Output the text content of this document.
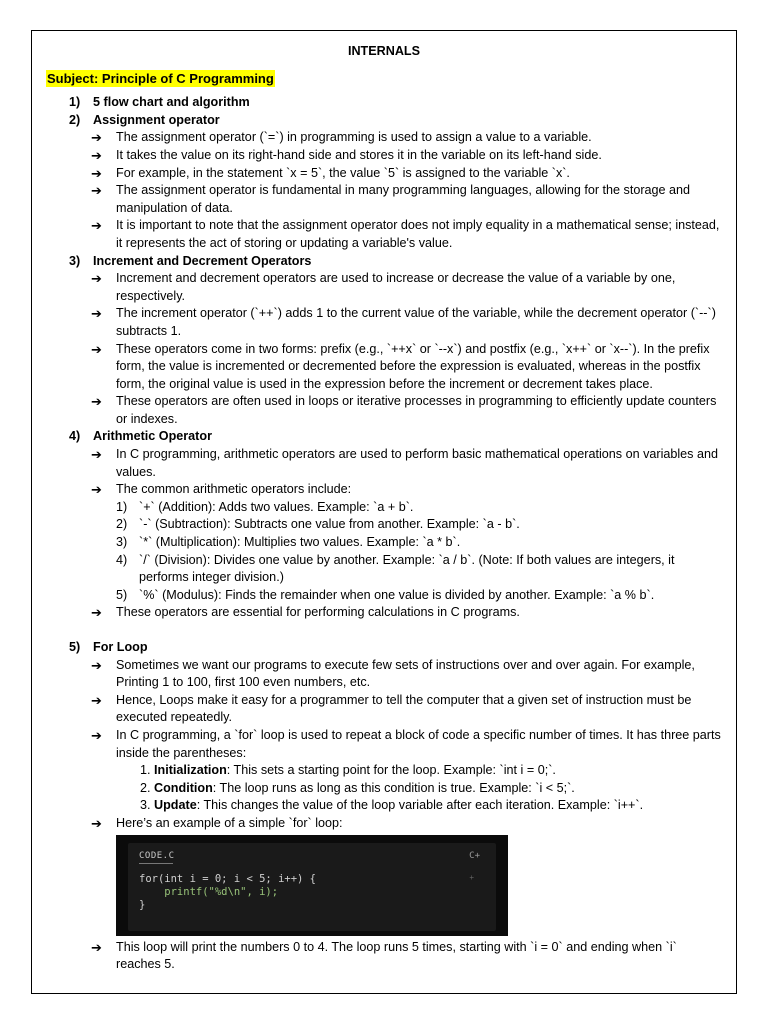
INTERNALS
Subject: Principle of C Programming
1) 5 flow chart and algorithm
2) Assignment operator
➔ The assignment operator (`=`) in programming is used to assign a value to a variable.
➔ It takes the value on its right-hand side and stores it in the variable on its left-hand side.
➔ For example, in the statement `x = 5`, the value `5` is assigned to the variable `x`.
➔ The assignment operator is fundamental in many programming languages, allowing for the storage and manipulation of data.
➔ It is important to note that the assignment operator does not imply equality in a mathematical sense; instead, it represents the act of storing or updating a variable's value.
3) Increment and Decrement Operators
➔ Increment and decrement operators are used to increase or decrease the value of a variable by one, respectively.
➔ The increment operator (`++`) adds 1 to the current value of the variable, while the decrement operator (`--`) subtracts 1.
➔ These operators come in two forms: prefix (e.g., `++x` or `--x`) and postfix (e.g., `x++` or `x--`). In the prefix form, the value is incremented or decremented before the expression is evaluated, whereas in the postfix form, the original value is used in the expression before the increment or decrement takes place.
➔ These operators are often used in loops or iterative processes in programming to efficiently update counters or indexes.
4) Arithmetic Operator
➔ In C programming, arithmetic operators are used to perform basic mathematical operations on variables and values.
➔ The common arithmetic operators include:
1) `+` (Addition): Adds two values. Example: `a + b`.
2) `-` (Subtraction): Subtracts one value from another. Example: `a - b`.
3) `*` (Multiplication): Multiplies two values. Example: `a * b`.
4) `/` (Division): Divides one value by another. Example: `a / b`. (Note: If both values are integers, it performs integer division.)
5) `%` (Modulus): Finds the remainder when one value is divided by another. Example: `a % b`.
➔ These operators are essential for performing calculations in C programs.
5) For Loop
➔ Sometimes we want our programs to execute few sets of instructions over and over again. For example, Printing 1 to 100, first 100 even numbers, etc.
➔ Hence, Loops make it easy for a programmer to tell the computer that a given set of instruction must be executed repeatedly.
➔ In C programming, a `for` loop is used to repeat a block of code a specific number of times. It has three parts inside the parentheses:
1. Initialization: This sets a starting point for the loop. Example: `int i = 0;`.
2. Condition: The loop runs as long as this condition is true. Example: `i < 5;`.
3. Update: This changes the value of the loop variable after each iteration. Example: `i++`.
➔ Here’s an example of a simple `for` loop:
CODE.C	C+
+
for(int i = 0; i < 5; i++) {
printf("%d\n", i);
}
➔ This loop will print the numbers 0 to 4. The loop runs 5 times, starting with `i = 0` and ending when `i` reaches 5.
